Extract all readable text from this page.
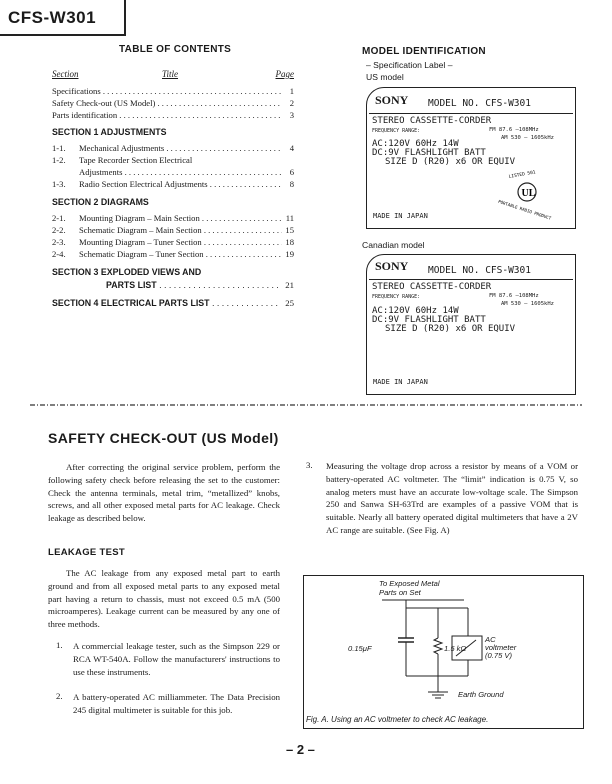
CFS-W301
TABLE OF CONTENTS
Section	Title	Page
Specifications . . .	1
Safety Check-out (US Model) . . .	2
Parts identification . . .	3
SECTION 1 ADJUSTMENTS
1-1. Mechanical Adjustments . . .	4
1-2. Tape Recorder Section Electrical
Adjustments . . .	6
1-3. Radio Section Electrical Adjustments . . .	8
SECTION 2 DIAGRAMS
2-1. Mounting Diagram – Main Section . . .	11
2-2. Schematic Diagram – Main Section . . .	15
2-3. Mounting Diagram – Tuner Section . . .	18
2-4. Schematic Diagram – Tuner Section . . .	19
SECTION 3 EXPLODED VIEWS AND
PARTS LIST . . .	21
SECTION 4 ELECTRICAL PARTS LIST . . .	25
MODEL IDENTIFICATION
– Specification Label –
US model
SONY MODEL NO. CFS-W301
STEREO CASSETTE-CORDER
FREQUENCY RANGE:	FM 87.6 –108MHz
AM 530 – 1605kHz
AC:120V 60Hz 14W
DC:9V FLASHLIGHT BATT
SIZE D (R20) x6 OR EQUIV
LISTED 501
UL
PORTABLE RADIO PRODUCT
MADE IN JAPAN
Canadian model
SONY MODEL NO. CFS-W301
STEREO CASSETTE-CORDER
FREQUENCY RANGE:	FM 87.6 –108MHz
AM 530 – 1605kHz
AC:120V 60Hz 14W
DC:9V FLASHLIGHT BATT
SIZE D (R20) x6 OR EQUIV
MADE IN JAPAN
SAFETY CHECK-OUT (US Model)
After correcting the original service problem, perform the following safety check before releasing the set to the customer: Check the antenna terminals, metal trim, “metallized” knobs, screws, and all other exposed metal parts for AC leakage. Check leakage as described below.
LEAKAGE TEST
The AC leakage from any exposed metal part to earth ground and from all exposed metal parts to any exposed metal part having a return to chassis, must not exceed 0.5 mA (500 microamperes). Leakage current can be measured by any one of three methods.
1. A commercial leakage tester, such as the Simpson 229 or RCA WT-540A. Follow the manufacturers' instructions to use these instruments.
2. A battery-operated AC milliammeter. The Data Precision 245 digital multimeter is suitable for this job.
3. Measuring the voltage drop across a resistor by means of a VOM or battery-operated AC voltmeter. The “limit” indication is 0.75 V, so analog meters must have an accurate low-voltage scale. The Simpson 250 and Sanwa SH-63Trd are examples of a passive VOM that is suitable. Nearly all battery operated digital multimeters that have a 2V AC range are suitable. (See Fig. A)
To Exposed Metal
Parts on Set
0.15μF	1.5 kΩ
AC
voltmeter
(0.75 V)
Earth Ground
Fig. A. Using an AC voltmeter to check AC leakage.
– 2 –
